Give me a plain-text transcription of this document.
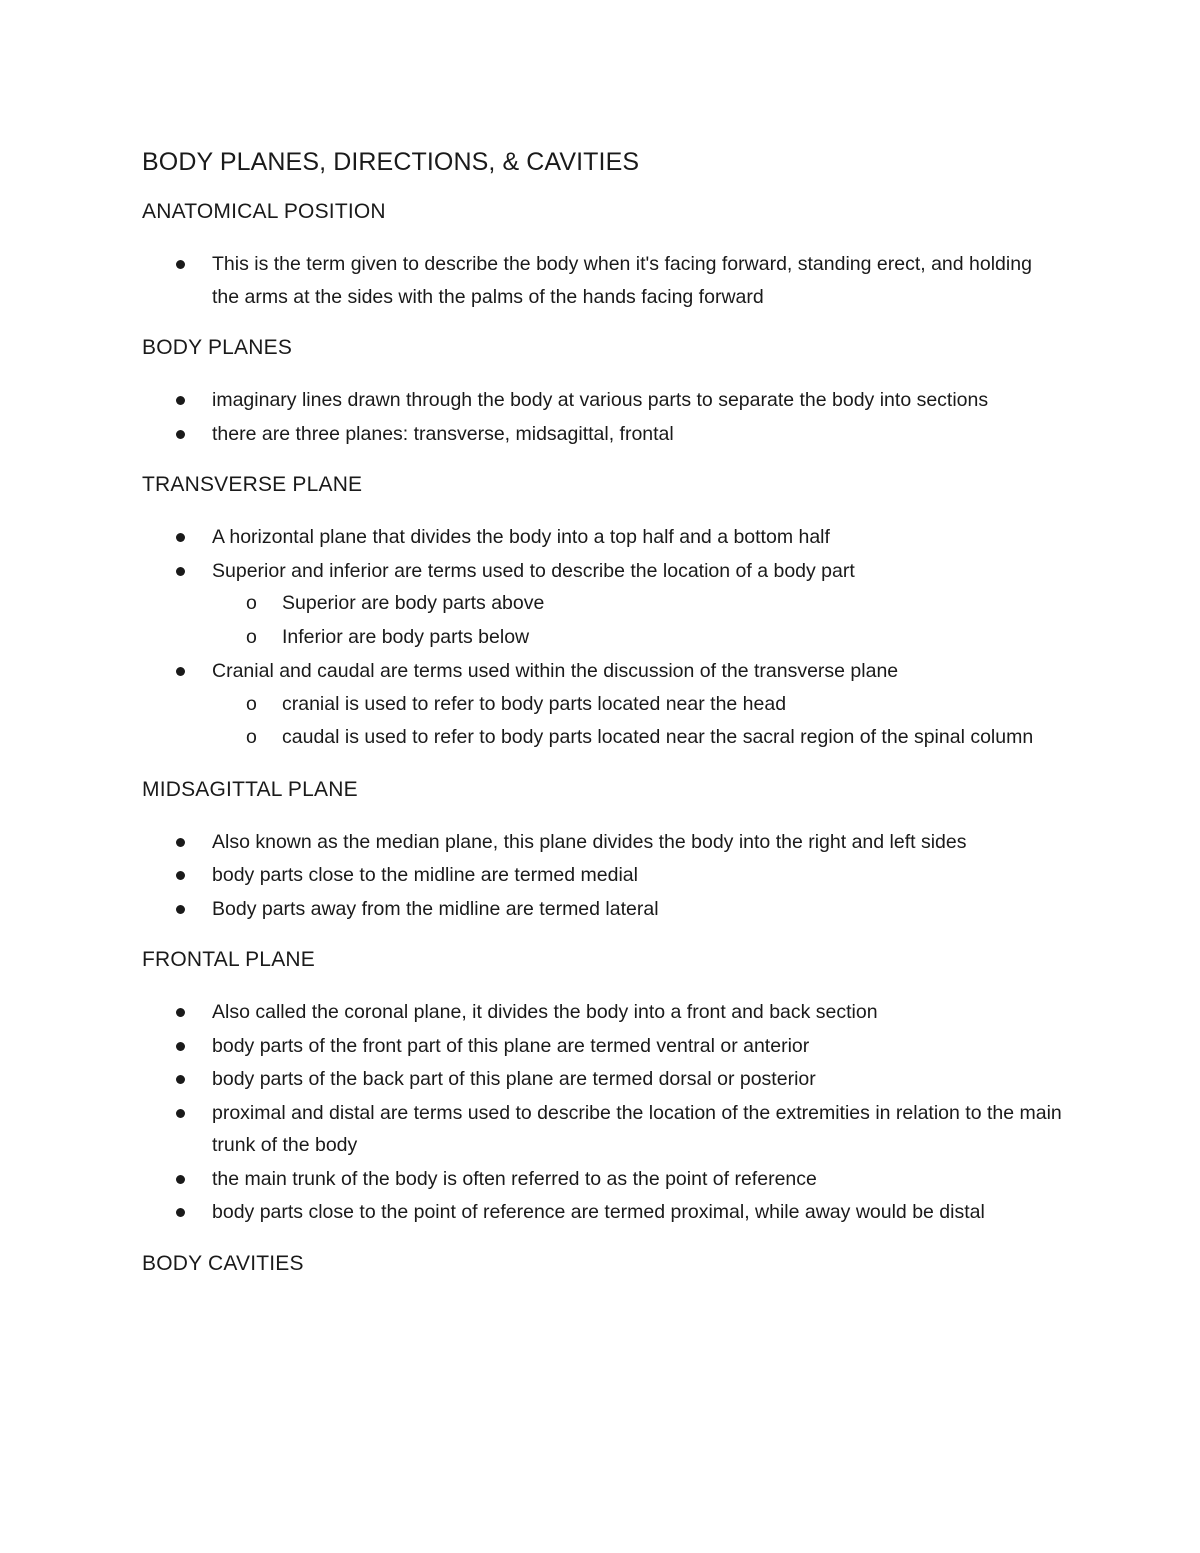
BODY PLANES, DIRECTIONS, & CAVITIES
ANATOMICAL POSITION
This is the term given to describe the body when it's facing forward, standing erect, and holding the arms at the sides with the palms of the hands facing forward
BODY PLANES
imaginary lines drawn through the body at various parts to separate the body into sections
there are three planes: transverse, midsagittal, frontal
TRANSVERSE PLANE
A horizontal plane that divides the body into a top half and a bottom half
Superior and inferior are terms used to describe the location of a body part
o Superior are body parts above
o Inferior are body parts below
Cranial and caudal are terms used within the discussion of the transverse plane
o cranial is used to refer to body parts located near the head
o caudal is used to refer to body parts located near the sacral region of the spinal column
MIDSAGITTAL PLANE
Also known as the median plane, this plane divides the body into the right and left sides
body parts close to the midline are termed medial
Body parts away from the midline are termed lateral
FRONTAL PLANE
Also called the coronal plane, it divides the body into a front and back section
body parts of the front part of this plane are termed ventral or anterior
body parts of the back part of this plane are termed dorsal or posterior
proximal and distal are terms used to describe the location of the extremities in relation to the main trunk of the body
the main trunk of the body is often referred to as the point of reference
body parts close to the point of reference are termed proximal, while away would be distal
BODY CAVITIES
